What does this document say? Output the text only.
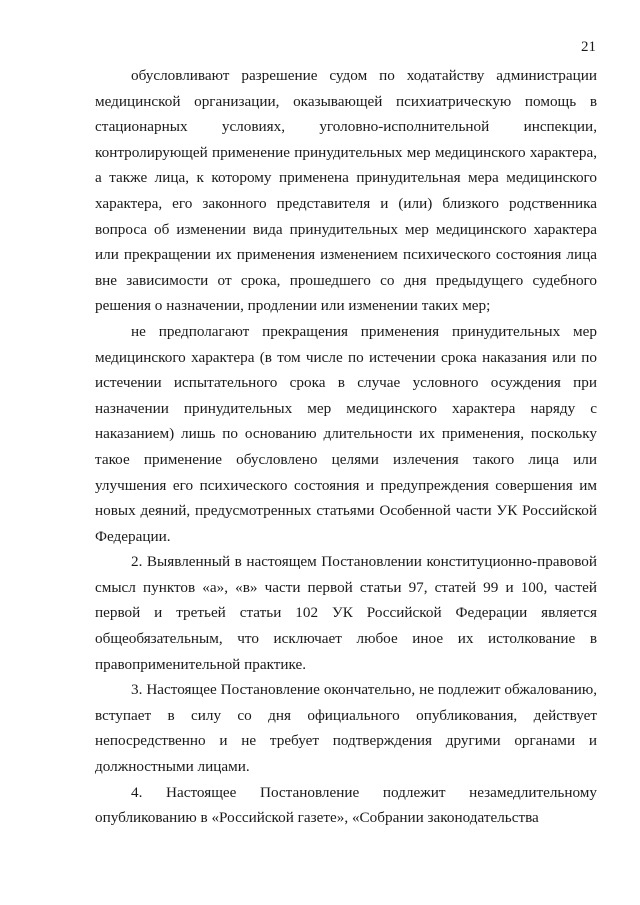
21

обусловливают разрешение судом по ходатайству администрации медицинской организации, оказывающей психиатрическую помощь в стационарных условиях, уголовно-исполнительной инспекции, контролирующей применение принудительных мер медицинского характера, а также лица, к которому применена принудительная мера медицинского характера, его законного представителя и (или) близкого родственника вопроса об изменении вида принудительных мер медицинского характера или прекращении их применения изменением психического состояния лица вне зависимости от срока, прошедшего со дня предыдущего судебного решения о назначении, продлении или изменении таких мер;

не предполагают прекращения применения принудительных мер медицинского характера (в том числе по истечении срока наказания или по истечении испытательного срока в случае условного осуждения при назначении принудительных мер медицинского характера наряду с наказанием) лишь по основанию длительности их применения, поскольку такое применение обусловлено целями излечения такого лица или улучшения его психического состояния и предупреждения совершения им новых деяний, предусмотренных статьями Особенной части УК Российской Федерации.

2. Выявленный в настоящем Постановлении конституционно-правовой смысл пунктов «а», «в» части первой статьи 97, статей 99 и 100, частей первой и третьей статьи 102 УК Российской Федерации является общеобязательным, что исключает любое иное их истолкование в правоприменительной практике.

3. Настоящее Постановление окончательно, не подлежит обжалованию, вступает в силу со дня официального опубликования, действует непосредственно и не требует подтверждения другими органами и должностными лицами.

4. Настоящее Постановление подлежит незамедлительному опубликованию в «Российской газете», «Собрании законодательства
